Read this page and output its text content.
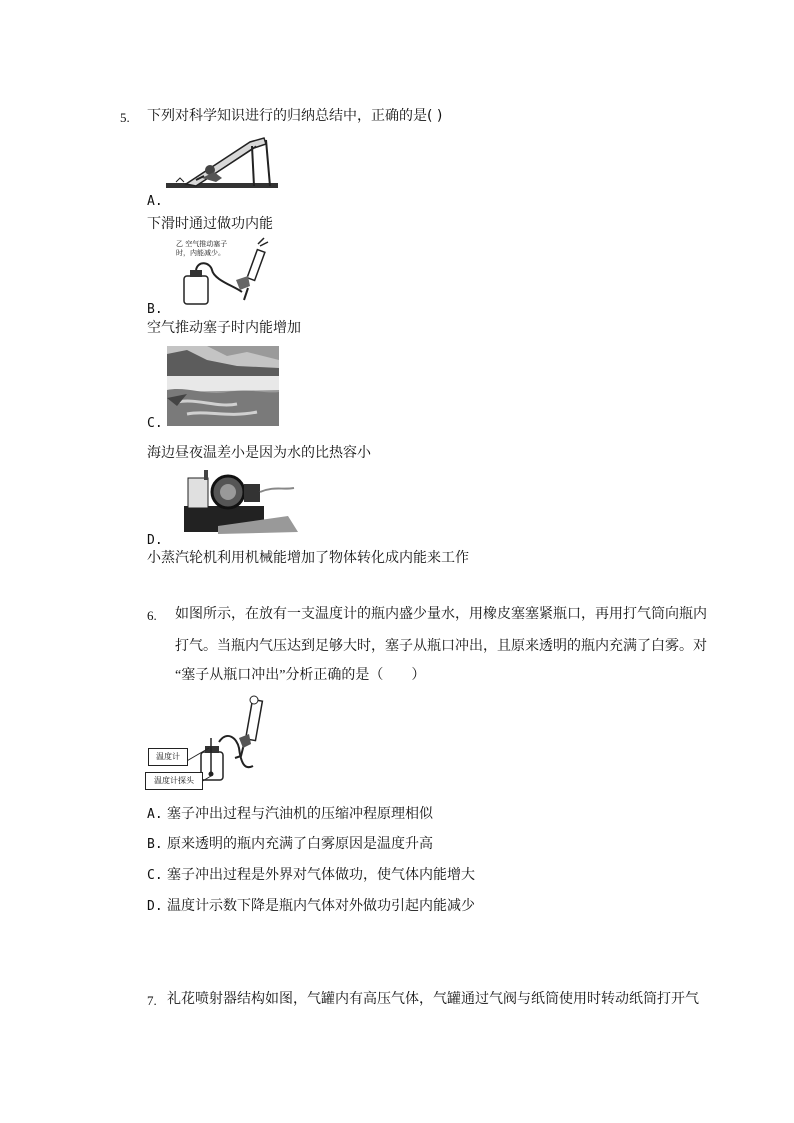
5. 下列对科学知识进行的归纳总结中，正确的是( )
A.
下滑时通过做功内能
乙 空气推动塞子
时，内能减少。
B.
空气推动塞子时内能增加
C.
海边昼夜温差小是因为水的比热容小
D.
小蒸汽轮机利用机械能增加了物体转化成内能来工作
6. 如图所示，在放有一支温度计的瓶内盛少量水，用橡皮塞塞紧瓶口，再用打气筒向瓶内
打气。当瓶内气压达到足够大时，塞子从瓶口冲出，且原来透明的瓶内充满了白雾。对
“塞子从瓶口冲出”分析正确的是（　　）
温度计
温度计探头
A. 塞子冲出过程与汽油机的压缩冲程原理相似
B. 原来透明的瓶内充满了白雾原因是温度升高
C. 塞子冲出过程是外界对气体做功，使气体内能增大
D. 温度计示数下降是瓶内气体对外做功引起内能减少
7. 礼花喷射器结构如图，气罐内有高压气体，气罐通过气阀与纸筒使用时转动纸筒打开气
